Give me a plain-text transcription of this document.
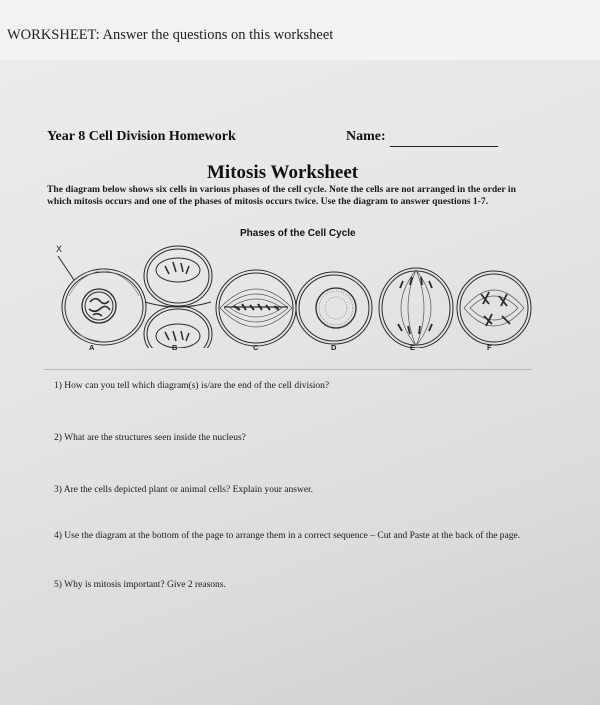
WORKSHEET: Answer the questions on this worksheet
Year 8 Cell Division Homework	Name:
Mitosis Worksheet
The diagram below shows six cells in various phases of the cell cycle. Note the cells are not arranged in the order in which mitosis occurs and one of the phases of mitosis occurs twice. Use the diagram to answer questions 1-7.
Phases of the Cell Cycle
X
A	B	C	D	E	F
1) How can you tell which diagram(s) is/are the end of the cell division?
2) What are the structures seen inside the nucleus?
3) Are the cells depicted plant or animal cells? Explain your answer.
4) Use the diagram at the bottom of the page to arrange them in a correct sequence – Cut and Paste at the back of the page.
5) Why is mitosis important? Give 2 reasons.
